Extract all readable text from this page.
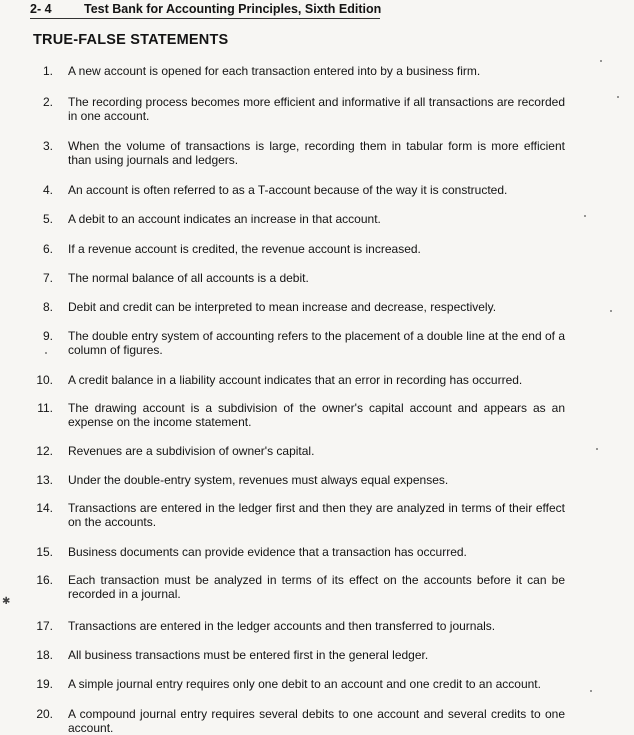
2- 4	Test Bank for Accounting Principles, Sixth Edition
TRUE-FALSE STATEMENTS
1. A new account is opened for each transaction entered into by a business firm.
2. The recording process becomes more efficient and informative if all transactions are recorded in one account.
3. When the volume of transactions is large, recording them in tabular form is more efficient than using journals and ledgers.
4. An account is often referred to as a T-account because of the way it is constructed.
5. A debit to an account indicates an increase in that account.
6. If a revenue account is credited, the revenue account is increased.
7. The normal balance of all accounts is a debit.
8. Debit and credit can be interpreted to mean increase and decrease, respectively.
9. The double entry system of accounting refers to the placement of a double line at the end of a column of figures.
10. A credit balance in a liability account indicates that an error in recording has occurred.
11. The drawing account is a subdivision of the owner's capital account and appears as an expense on the income statement.
12. Revenues are a subdivision of owner's capital.
13. Under the double-entry system, revenues must always equal expenses.
14. Transactions are entered in the ledger first and then they are analyzed in terms of their effect on the accounts.
15. Business documents can provide evidence that a transaction has occurred.
16. Each transaction must be analyzed in terms of its effect on the accounts before it can be recorded in a journal.
17. Transactions are entered in the ledger accounts and then transferred to journals.
18. All business transactions must be entered first in the general ledger.
19. A simple journal entry requires only one debit to an account and one credit to an account.
20. A compound journal entry requires several debits to one account and several credits to one account.
✱
